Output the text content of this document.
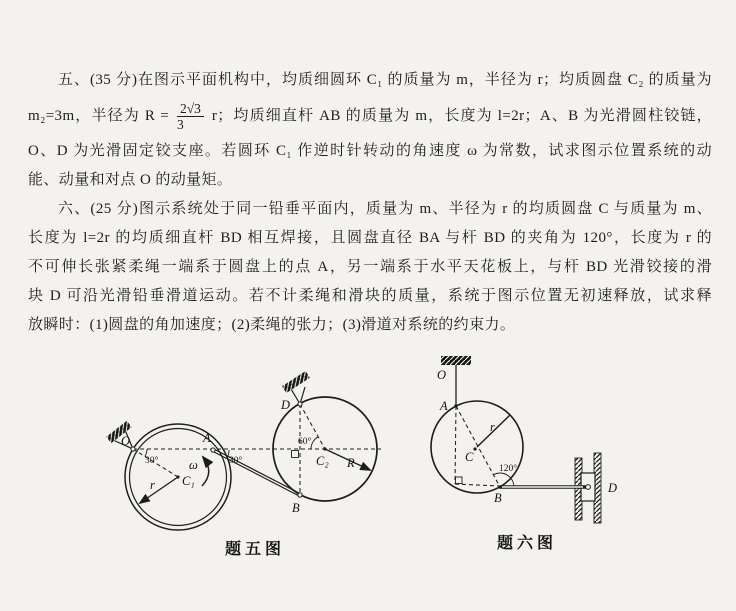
五、(35 分)在图示平面机构中，均质细圆环 C₁ 的质量为 m，半径为 r；均质圆盘 C₂ 的质量为
m₂=3m，半径为 $R = \frac{2√3}{3}$ r；均质细直杆 AB 的质量为 m，长度为 l=2r；A、B 为光滑圆柱铰链，
O、D 为光滑固定铰支座。若圆环 C₁ 作逆时针转动的角速度 ω 为常数，试求图示位置系统的动
能、动量和对点 O 的动量矩。
六、(25 分)图示系统处于同一铅垂平面内，质量为 m、半径为 r 的均质圆盘 C 与质量为 m、
长度为 l=2r 的均质细直杆 BD 相互焊接，且圆盘直径 BA 与杆 BD 的夹角为 120°，长度为 r 的
不可伸长张紧柔绳一端系于圆盘上的点 A，另一端系于水平天花板上，与杆 BD 光滑铰接的滑
块 D 可沿光滑铅垂滑道运动。若不计柔绳和滑块的质量，系统于图示位置无初速释放，试求释
放瞬时：(1)圆盘的角加速度；(2)柔绳的张力；(3)滑道对系统的约束力。
O	A
B
D
C₁
C₂
r
R
ω
30°	30°
60°
O
A
B
C
D
r
120°
题五图	题六图
